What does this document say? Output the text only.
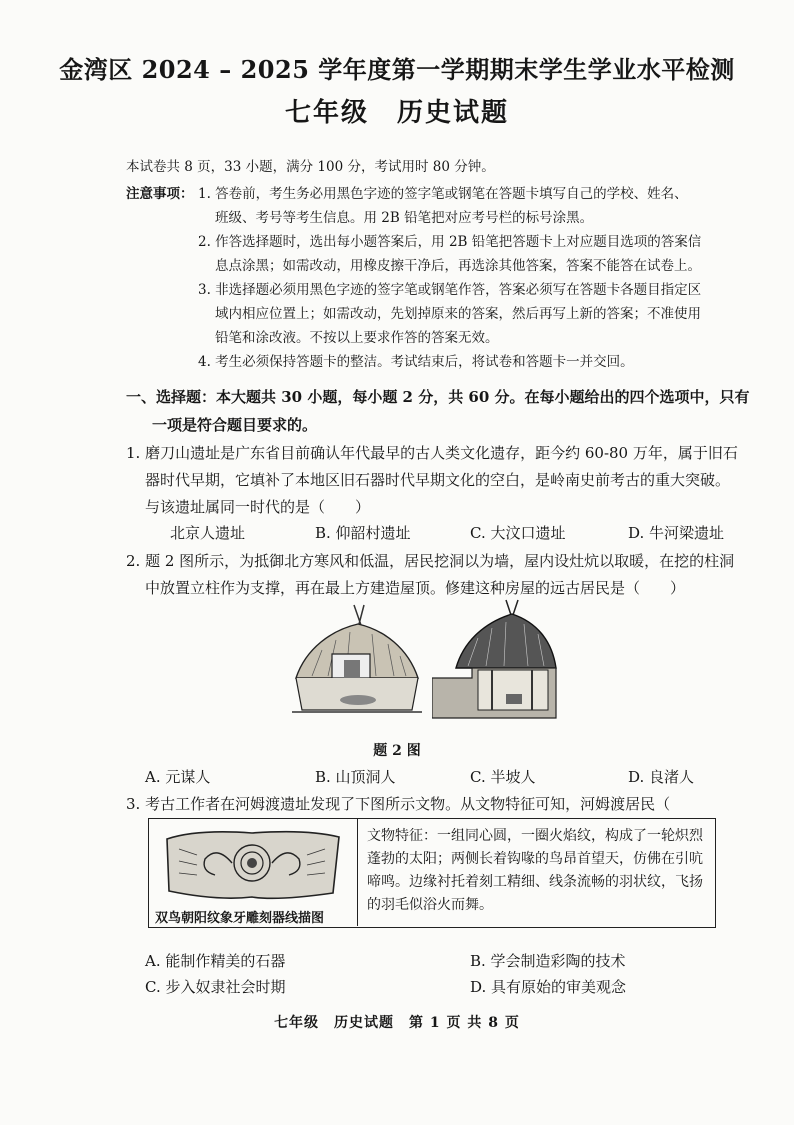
金湾区 2024 – 2025 学年度第一学期期末学生学业水平检测
七年级　历史试题
本试卷共 8 页，33 小题，满分 100 分，考试用时 80 分钟。
注意事项： 1. 答卷前，考生务必用黑色字迹的签字笔或钢笔在答题卡填写自己的学校、姓名、
班级、考号等考生信息。用 2B 铅笔把对应考号栏的标号涂黑。
2. 作答选择题时，选出每小题答案后，用 2B 铅笔把答题卡上对应题目选项的答案信
息点涂黑；如需改动，用橡皮擦干净后，再选涂其他答案，答案不能答在试卷上。
3. 非选择题必须用黑色字迹的签字笔或钢笔作答，答案必须写在答题卡各题目指定区
域内相应位置上；如需改动，先划掉原来的答案，然后再写上新的答案；不准使用
铅笔和涂改液。不按以上要求作答的答案无效。
4. 考生必须保持答题卡的整洁。考试结束后，将试卷和答题卡一并交回。
一、选择题：本大题共 30 小题，每小题 2 分，共 60 分。在每小题给出的四个选项中，只有
一项是符合题目要求的。
1. 磨刀山遗址是广东省目前确认年代最早的古人类文化遗存，距今约 60-80 万年，属于旧石
器时代早期，它填补了本地区旧石器时代早期文化的空白，是岭南史前考古的重大突破。
与该遗址属同一时代的是（　　）
北京人遗址	B. 仰韶村遗址	C. 大汶口遗址	D. 牛河梁遗址
2. 题 2 图所示，为抵御北方寒风和低温，居民挖洞以为墙，屋内设灶炕以取暖，在挖的柱洞
中放置立柱作为支撑，再在最上方建造屋顶。修建这种房屋的远古居民是（　　）
题 2 图
A. 元谋人	B. 山顶洞人	C. 半坡人	D. 良渚人
3. 考古工作者在河姆渡遗址发现了下图所示文物。从文物特征可知，河姆渡居民（
双鸟朝阳纹象牙雕刻器线描图
文物特征：一组同心圆，一圈火焰纹，构成了一轮炽烈蓬勃的太阳；两侧长着钩喙的鸟昂首望天，仿佛在引吭啼鸣。边缘衬托着刻工精细、线条流畅的羽状纹，飞扬的羽毛似浴火而舞。
A. 能制作精美的石器	B. 学会制造彩陶的技术
C. 步入奴隶社会时期	D. 具有原始的审美观念
七年级　历史试题　第 1 页 共 8 页
